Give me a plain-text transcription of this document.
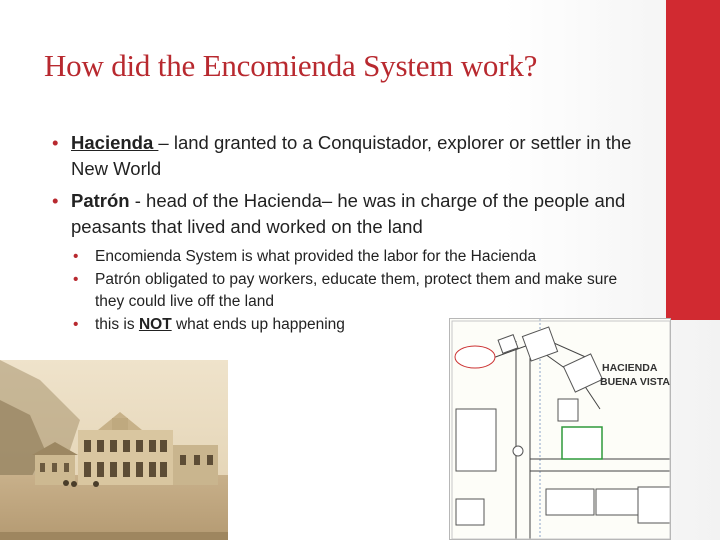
How did the Encomienda System work?
• Hacienda – land granted to a Conquistador, explorer or settler in the New World
• Patrón - head of the Hacienda– he was in charge of the people and peasants that lived and worked on the land
• Encomienda System is what provided the labor for the Hacienda
• Patrón obligated to pay workers, educate them, protect them and make sure they could live off the land
• this is NOT what ends up happening
HACIENDA
BUENA VISTA
